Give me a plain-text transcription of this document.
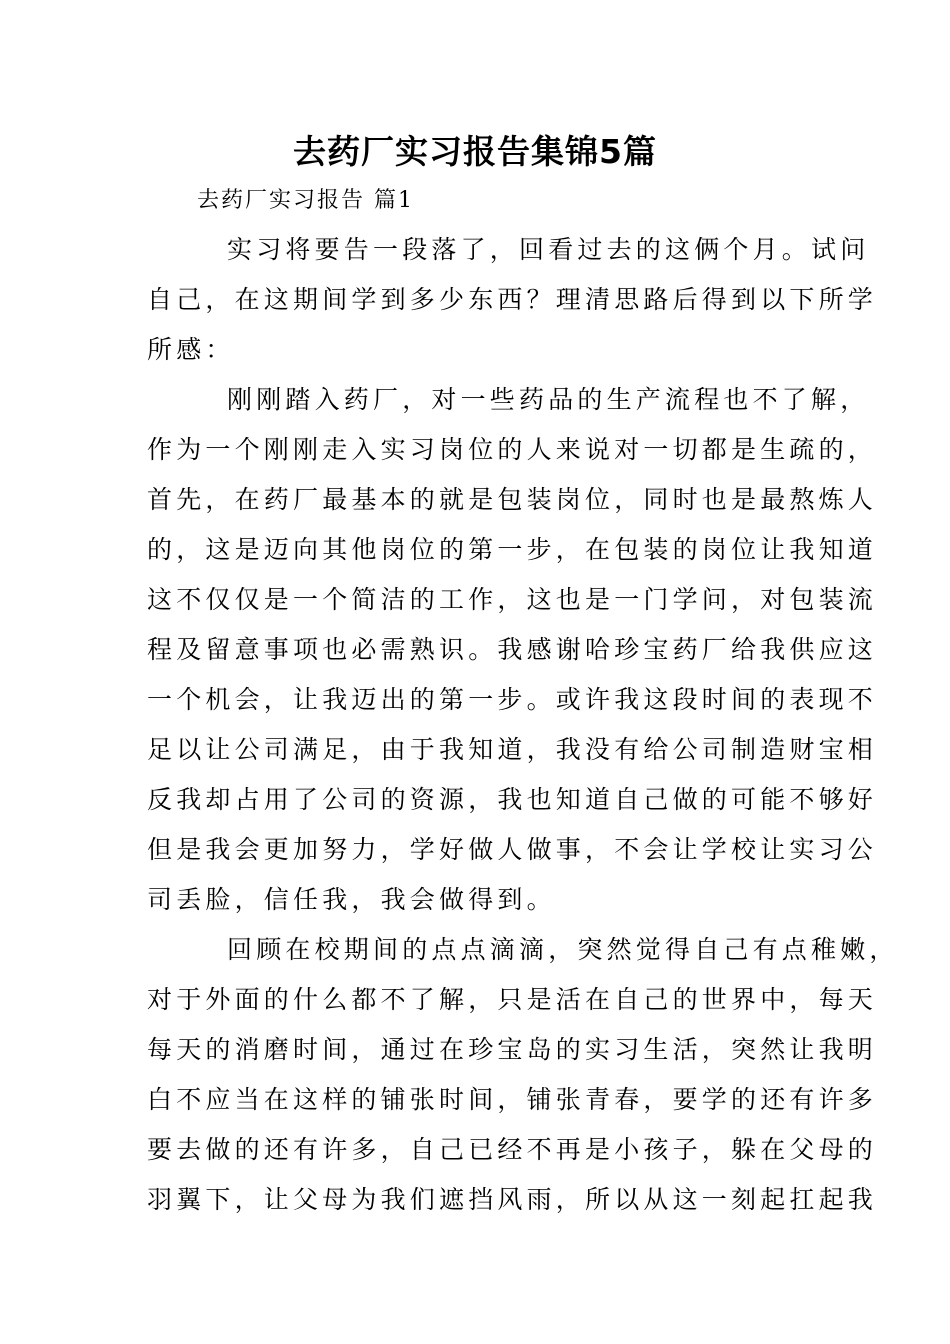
去药厂实习报告集锦5篇

去药厂实习报告 篇1

实习将要告一段落了，回看过去的这俩个月。试问

自己，在这期间学到多少东西？理清思路后得到以下所学

所感：

刚刚踏入药厂，对一些药品的生产流程也不了解，

作为一个刚刚走入实习岗位的人来说对一切都是生疏的，

首先，在药厂最基本的就是包装岗位，同时也是最熬炼人

的，这是迈向其他岗位的第一步，在包装的岗位让我知道

这不仅仅是一个简洁的工作，这也是一门学问，对包装流

程及留意事项也必需熟识。我感谢哈珍宝药厂给我供应这

一个机会，让我迈出的第一步。或许我这段时间的表现不

足以让公司满足，由于我知道，我没有给公司制造财宝相

反我却占用了公司的资源，我也知道自己做的可能不够好

但是我会更加努力，学好做人做事，不会让学校让实习公

司丢脸，信任我，我会做得到。

回顾在校期间的点点滴滴，突然觉得自己有点稚嫩，

对于外面的什么都不了解，只是活在自己的世界中，每天

每天的消磨时间，通过在珍宝岛的实习生活，突然让我明

白不应当在这样的铺张时间，铺张青春，要学的还有许多

要去做的还有许多，自己已经不再是小孩子，躲在父母的

羽翼下，让父母为我们遮挡风雨，所以从这一刻起扛起我
